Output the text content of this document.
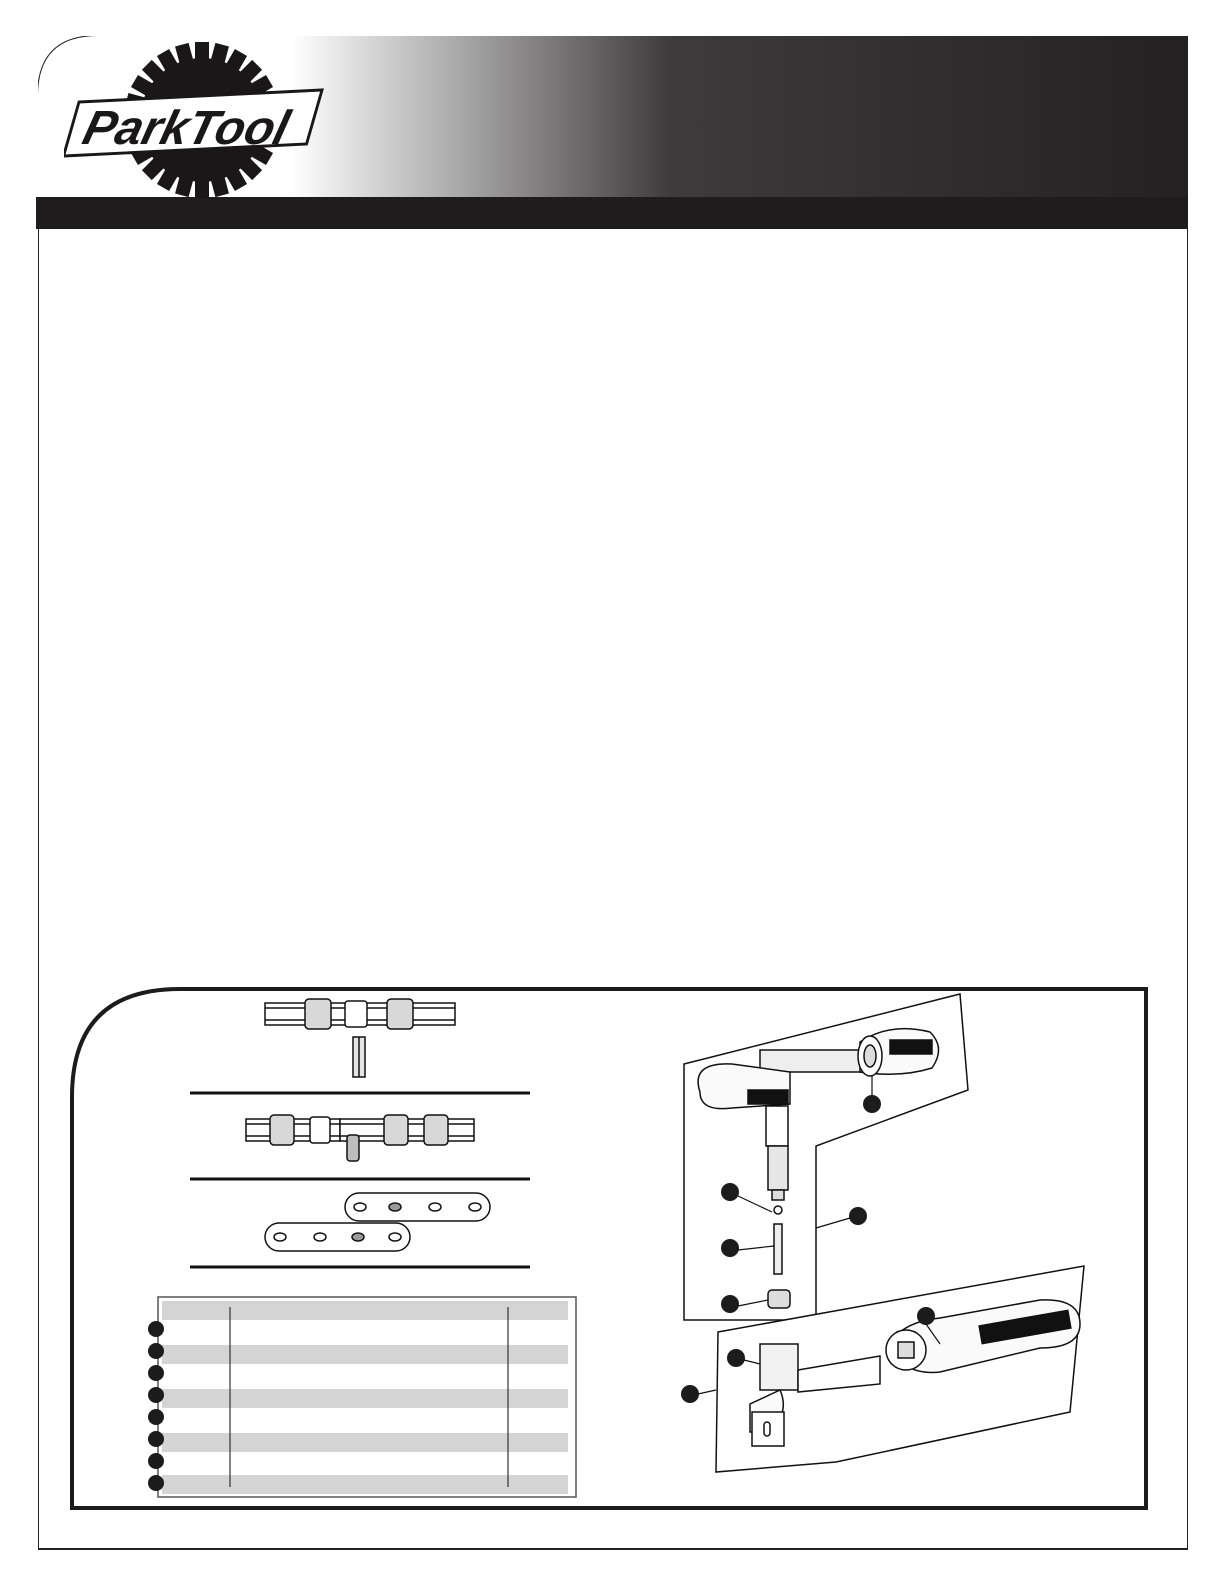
ParkTool
